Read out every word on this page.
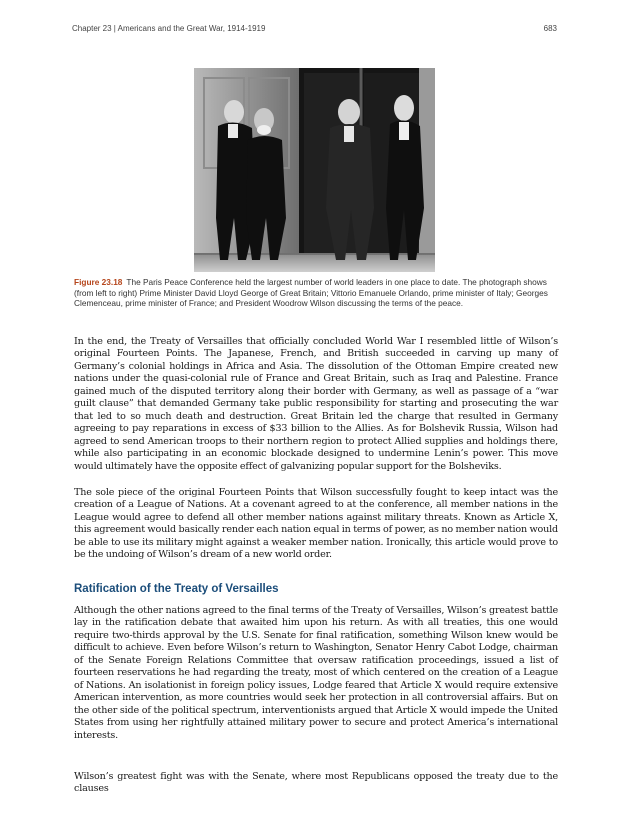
Chapter 23 | Americans and the Great War, 1914-1919	683
Figure 23.18 The Paris Peace Conference held the largest number of world leaders in one place to date. The photograph shows (from left to right) Prime Minister David Lloyd George of Great Britain; Vittorio Emanuele Orlando, prime minister of Italy; Georges Clemenceau, prime minister of France; and President Woodrow Wilson discussing the terms of the peace.

In the end, the Treaty of Versailles that officially concluded World War I resembled little of Wilson’s original Fourteen Points. The Japanese, French, and British succeeded in carving up many of Germany’s colonial holdings in Africa and Asia. The dissolution of the Ottoman Empire created new nations under the quasi-colonial rule of France and Great Britain, such as Iraq and Palestine. France gained much of the disputed territory along their border with Germany, as well as passage of a “war guilt clause” that demanded Germany take public responsibility for starting and prosecuting the war that led to so much death and destruction. Great Britain led the charge that resulted in Germany agreeing to pay reparations in excess of $33 billion to the Allies. As for Bolshevik Russia, Wilson had agreed to send American troops to their northern region to protect Allied supplies and holdings there, while also participating in an economic blockade designed to undermine Lenin’s power. This move would ultimately have the opposite effect of galvanizing popular support for the Bolsheviks.

The sole piece of the original Fourteen Points that Wilson successfully fought to keep intact was the creation of a League of Nations. At a covenant agreed to at the conference, all member nations in the League would agree to defend all other member nations against military threats. Known as Article X, this agreement would basically render each nation equal in terms of power, as no member nation would be able to use its military might against a weaker member nation. Ironically, this article would prove to be the undoing of Wilson’s dream of a new world order.

Ratification of the Treaty of Versailles

Although the other nations agreed to the final terms of the Treaty of Versailles, Wilson’s greatest battle lay in the ratification debate that awaited him upon his return. As with all treaties, this one would require two-thirds approval by the U.S. Senate for final ratification, something Wilson knew would be difficult to achieve. Even before Wilson’s return to Washington, Senator Henry Cabot Lodge, chairman of the Senate Foreign Relations Committee that oversaw ratification proceedings, issued a list of fourteen reservations he had regarding the treaty, most of which centered on the creation of a League of Nations. An isolationist in foreign policy issues, Lodge feared that Article X would require extensive American intervention, as more countries would seek her protection in all controversial affairs. But on the other side of the political spectrum, interventionists argued that Article X would impede the United States from using her rightfully attained military power to secure and protect America’s international interests.

Wilson’s greatest fight was with the Senate, where most Republicans opposed the treaty due to the clauses
